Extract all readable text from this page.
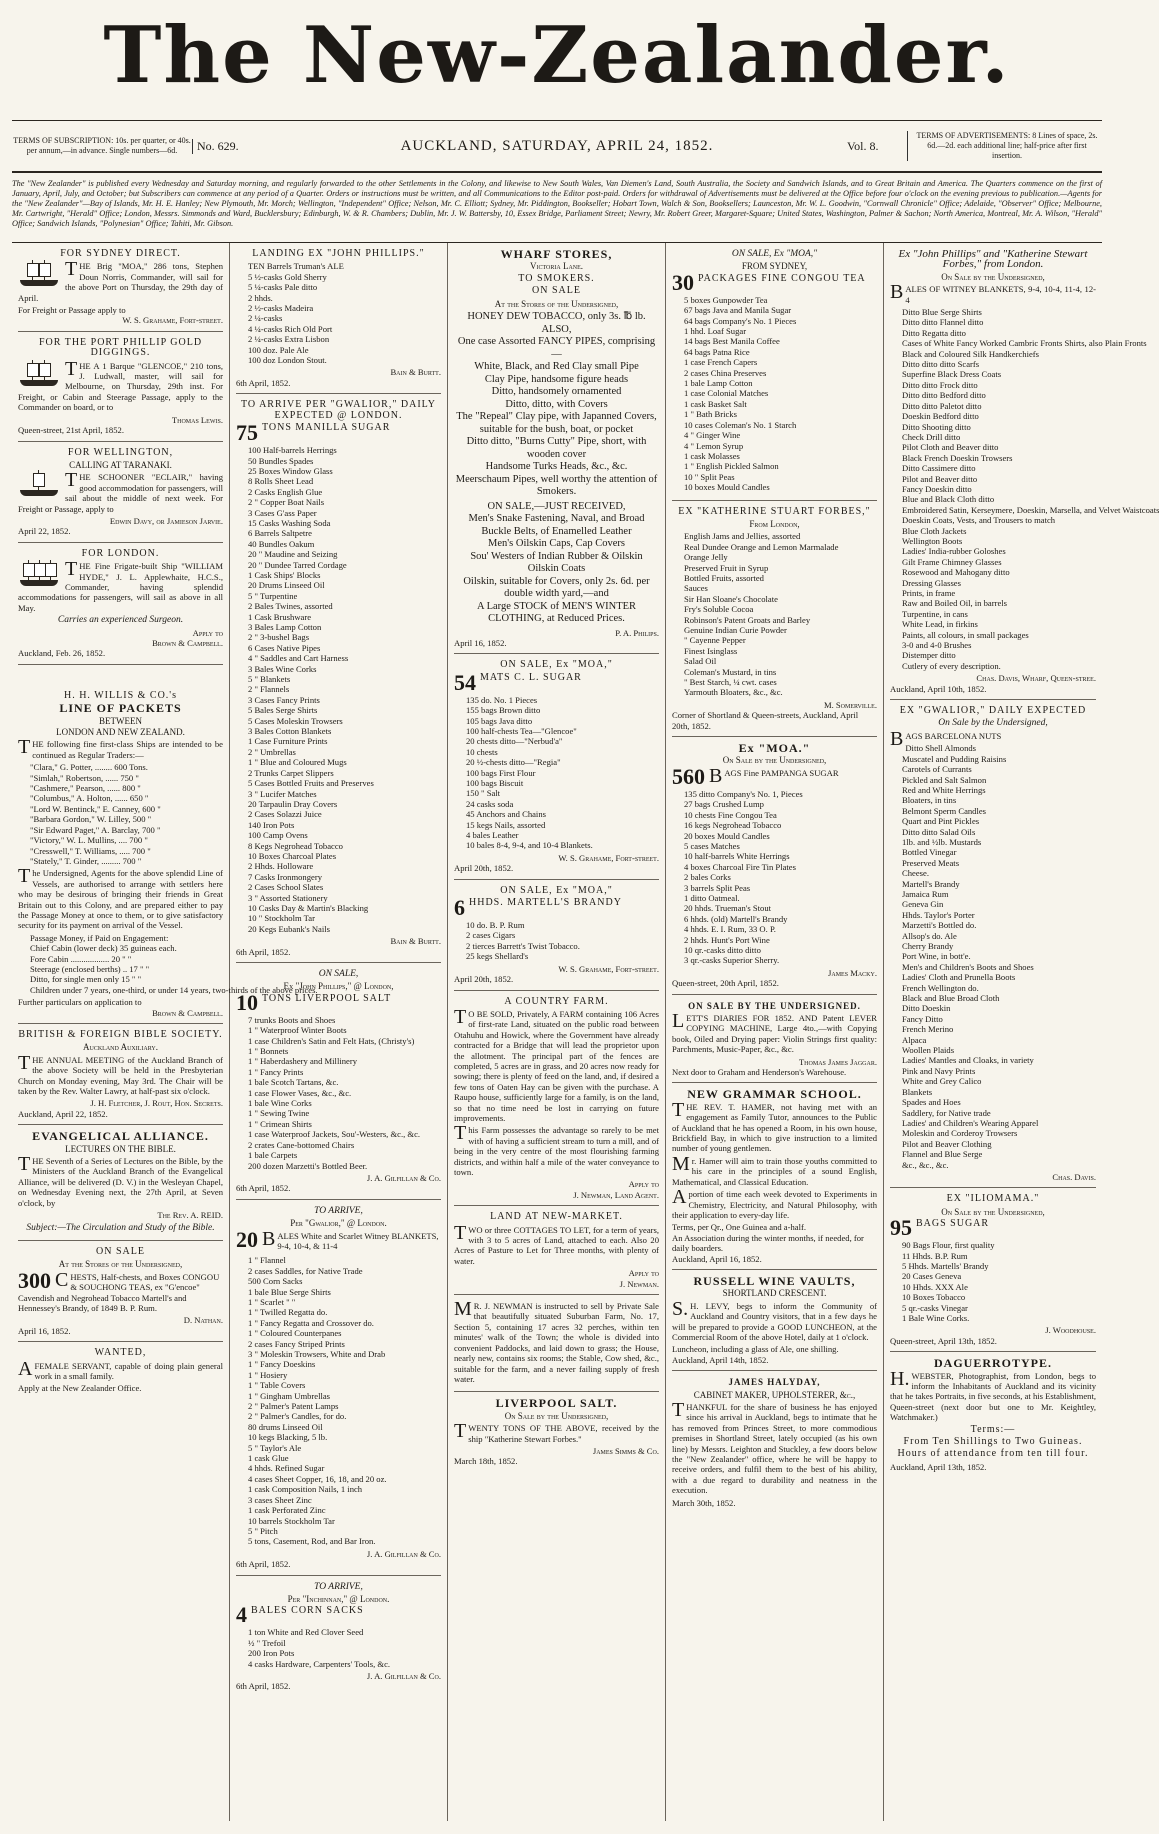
The New-Zealander.
TERMS OF SUBSCRIPTION: 10s. per quarter, or 40s. per annum,—in advance. Single numbers—6d.	No. 629.	AUCKLAND, SATURDAY, APRIL 24, 1852.	Vol. 8.
TERMS OF ADVERTISEMENTS: 8 Lines of space, 2s. 6d.—2d. each additional line; half-price after first insertion.
The "New Zealander" is published every Wednesday and Saturday morning, and regularly forwarded to the other Settlements in the Colony, and likewise to New South Wales, Van Diemen's Land, South Australia, the Society and Sandwich Islands, and to Great Britain and America. The Quarters commence on the first of January, April, July, and October; but Subscribers can commence at any period of a Quarter. Orders or instructions must be written, and all Communications to the Editor post-paid. Orders for withdrawal of Advertisements must be delivered at the Office before four o'clock on the evening previous to publication.—Agents for the "New Zealander"—Bay of Islands, Mr. H. E. Hanley; New Plymouth, Mr. Morch; Wellington, "Independent" Office; Nelson, Mr. C. Elliott; Sydney, Mr. Piddington, Bookseller; Hobart Town, Walch & Son, Booksellers; Launceston, Mr. W. L. Goodwin, "Cornwall Chronicle" Office; Adelaide, "Observer" Office; Melbourne, Mr. Cartwright, "Herald" Office; London, Messrs. Simmonds and Ward, Bucklersbury; Edinburgh, W. & R. Chambers; Dublin, Mr. J. W. Battersby, 10, Essex Bridge, Parliament Street; Newry, Mr. Robert Greer, Margaret-Square; United States, Washington, Palmer & Sachon; North America, Montreal, Mr. A. Wilson, "Herald" Office; Sandwich Islands, "Polynesian" Office; Tahiti, Mr. Gibson.
FOR SYDNEY DIRECT.
THE Brig "MOA," 286 tons, Stephen Doun Norris, Commander, will sail for the above Port on Thursday, the 29th day of April.
For Freight or Passage apply to
W. S. Grahame, Fort-street.
FOR THE PORT PHILLIP GOLD DIGGINGS.
THE A 1 Barque "GLENCOE," 210 tons, J. Ludwall, master, will sail for Melbourne, on Thursday, 29th inst. For Freight, or Cabin and Steerage Passage, apply to the Commander on board, or to
Thomas Lewis.
Queen-street, 21st April, 1852.
FOR WELLINGTON,
CALLING AT TARANAKI.
THE SCHOONER "ECLAIR," having good accommodation for passengers, will sail about the middle of next week. For Freight or Passage, apply to
Edwin Davy, or Jamieson Jarvie.
April 22, 1852.
FOR LONDON.
THE Fine Frigate-built Ship "WILLIAM HYDE," J. L. Applewhaite, H.C.S., Commander, having splendid accommodations for passengers, will sail as above in all May.
Carries an experienced Surgeon.
Apply to
Brown & Campbell.
Auckland, Feb. 26, 1852.
H. H. WILLIS & CO.'s
LINE OF PACKETS
BETWEEN
LONDON AND NEW ZEALAND.
THE following fine first-class Ships are intended to be continued as Regular Traders:—
"Clara," G. Potter, ........ 600 Tons.
"Simlah," Robertson, ...... 750 "
"Cashmere," Pearson, ...... 800 "
"Columbus," A. Holton, ...... 650 "
"Lord W. Bentinck," E. Canney, 600 "
"Barbara Gordon," W. Lilley, 500 "
"Sir Edward Paget," A. Barclay, 700 "
"Victory," W. L. Mullins, .... 700 "
"Cresswell," T. Williams, ..... 700 "
"Stately," T. Ginder, ......... 700 "
The Undersigned, Agents for the above splendid Line of Vessels, are authorised to arrange with settlers here who may be desirous of bringing their friends in Great Britain out to this Colony, and are prepared either to pay the Passage Money at once to them, or to give satisfactory security for its payment on arrival of the Vessel.
Passage Money, if Paid on Engagement:
Chief Cabin (lower deck) 35 guineas each.
Fore Cabin .................. 20 " "
Steerage (enclosed berths) .. 17 " "
Ditto, for single men only 15 " "
Children under 7 years, one-third, or under 14 years, two-thirds of the above prices.
Further particulars on application to
Brown & Campbell.
BRITISH & FOREIGN BIBLE SOCIETY.
Auckland Auxiliary.
THE ANNUAL MEETING of the Auckland Branch of the above Society will be held in the Presbyterian Church on Monday evening, May 3rd. The Chair will be taken by the Rev. Walter Lawry, at half-past six o'clock.
J. H. Fletcher, J. Rout, Hon. Secrets.
Auckland, April 22, 1852.
EVANGELICAL ALLIANCE.
LECTURES ON THE BIBLE.
THE Seventh of a Series of Lectures on the Bible, by the Ministers of the Auckland Branch of the Evangelical Alliance, will be delivered (D. V.) in the Wesleyan Chapel, on Wednesday Evening next, the 27th April, at Seven o'clock, by
The Rev. A. REID.
Subject:—The Circulation and Study of the Bible.
ON SALE
At the Stores of the Undersigned,
300 CHESTS, Half-chests, and Boxes CONGOU & SOUCHONG TEAS, ex "G'encoe" Cavendish and Negrohead Tobacco Martell's and Hennessey's Brandy, of 1849 B. P. Rum.
D. Nathan.
April 16, 1852.
WANTED,
AFEMALE SERVANT, capable of doing plain general work in a small family.
Apply at the New Zealander Office.
LANDING EX "JOHN PHILLIPS."
TEN Barrels Truman's ALE
5 ½-casks Gold Sherry
5 ¼-casks Pale ditto
2 hhds.
2 ½-casks Madeira
2 ¼-casks
4 ¼-casks Rich Old Port
2 ¼-casks Extra Lisbon
100 doz. Pale Ale
100 doz London Stout.
Bain & Burtt.
6th April, 1852.
TO ARRIVE PER "GWALIOR," DAILY EXPECTED @ LONDON.
75 TONS MANILLA SUGAR
100 Half-barrels Herrings
50 Bundles Spades
25 Boxes Window Glass
8 Rolls Sheet Lead
2 Casks English Glue
2 " Copper Boat Nails
3 Cases G'ass Paper
15 Casks Washing Soda
6 Barrels Saltpetre
40 Bundles Oakum
20 " Maudine and Seizing
20 " Dundee Tarred Cordage
1 Cask Ships' Blocks
20 Drums Linseed Oil
5 " Turpentine
2 Bales Twines, assorted
1 Cask Brushware
3 Bales Lamp Cotton
2 " 3-bushel Bags
6 Cases Native Pipes
4 " Saddles and Cart Harness
3 Bales Wine Corks
5 " Blankets
2 " Flannels
3 Cases Fancy Prints
5 Bales Serge Shirts
5 Cases Moleskin Trowsers
3 Bales Cotton Blankets
1 Case Furniture Prints
2 " Umbrellas
1 " Blue and Coloured Mugs
2 Trunks Carpet Slippers
5 Cases Bottled Fruits and Preserves
3 " Lucifer Matches
20 Tarpaulin Dray Covers
2 Cases Solazzi Juice
140 Iron Pots
100 Camp Ovens
8 Kegs Negrohead Tobacco
10 Boxes Charcoal Plates
2 Hhds. Holloware
7 Casks Ironmongery
2 Cases School Slates
3 " Assorted Stationery
10 Casks Day & Martin's Blacking
10 " Stockholm Tar
20 Kegs Eubank's Nails
Bain & Burtt.
6th April, 1852.
ON SALE,
Ex "John Phillips," @ London,
10 TONS LIVERPOOL SALT
7 trunks Boots and Shoes
1 " Waterproof Winter Boots
1 case Children's Satin and Felt Hats, (Christy's)
1 " Bonnets
1 " Haberdashery and Millinery
1 " Fancy Prints
1 bale Scotch Tartans, &c.
1 case Flower Vases, &c., &c.
1 bale Wine Corks
1 " Sewing Twine
1 " Crimean Shirts
1 case Waterproof Jackets, Sou'-Westers, &c., &c.
2 crates Cane-bottomed Chairs
1 bale Carpets
200 dozen Marzetti's Bottled Beer.
J. A. Gilfillan & Co.
6th April, 1852.
TO ARRIVE,
Per "Gwalior," @ London.
20 BALES White and Scarlet Witney BLANKETS, 9-4, 10-4, & 11-4
1 " Flannel
2 cases Saddles, for Native Trade
500 Corn Sacks
1 bale Blue Serge Shirts
1 " Scarlet " "
1 " Twilled Regatta do.
1 " Fancy Regatta and Crossover do.
1 " Coloured Counterpanes
2 cases Fancy Striped Prints
3 " Moleskin Trowsers, White and Drab
1 " Fancy Doeskins
1 " Hosiery
1 " Table Covers
1 " Gingham Umbrellas
2 " Palmer's Patent Lamps
2 " Palmer's Candles, for do.
80 drums Linseed Oil
10 kegs Blacking, 5 lb.
5 " Taylor's Ale
1 cask Glue
4 hhds. Refined Sugar
4 cases Sheet Copper, 16, 18, and 20 oz.
1 cask Composition Nails, 1 inch
3 cases Sheet Zinc
1 cask Perforated Zinc
10 barrels Stockholm Tar
5 " Pitch
5 tons, Casement, Rod, and Bar Iron.
J. A. Gilfillan & Co.
6th April, 1852.
TO ARRIVE,
Per "Inchinnan," @ London.
4 BALES CORN SACKS
1 ton White and Red Clover Seed
½ " Trefoil
200 Iron Pots
4 casks Hardware, Carpenters' Tools, &c.
J. A. Gilfillan & Co.
6th April, 1852.
WHARF STORES,
Victoria Lane.
TO SMOKERS.
ON SALE
At the Stores of the Undersigned,
HONEY DEW TOBACCO, only 3s. ℔ lb.
ALSO,
One case Assorted FANCY PIPES, comprising—
White, Black, and Red Clay small Pipe
Clay Pipe, handsome figure heads
Ditto, handsomely ornamented
Ditto, ditto, with Covers
The "Repeal" Clay pipe, with Japanned Covers, suitable for the bush, boat, or pocket
Ditto ditto, "Burns Cutty" Pipe, short, with wooden cover
Handsome Turks Heads, &c., &c.
Meerschaum Pipes, well worthy the attention of Smokers.
ON SALE,—JUST RECEIVED,
Men's Snake Fastening, Naval, and Broad Buckle Belts, of Enamelled Leather
Men's Oilskin Caps, Cap Covers
Sou' Westers of Indian Rubber & Oilskin
Oilskin Coats
Oilskin, suitable for Covers, only 2s. 6d. per double width yard,—and
A Large STOCK of MEN'S WINTER CLOTHING, at Reduced Prices.
P. A. Philips.
April 16, 1852.
ON SALE, Ex "MOA,"
54 MATS C. L. SUGAR
135 do. No. 1 Pieces
155 bags Brown ditto
105 bags Java ditto
100 half-chests Tea—"Glencoe"
20 chests ditto—"Nerbud'a"
10 chests
20 ½-chests ditto—"Regia"
100 bags First Flour
100 bags Biscuit
150 " Salt
24 casks soda
45 Anchors and Chains
15 kegs Nails, assorted
4 bales Leather
10 bales 8-4, 9-4, and 10-4 Blankets.
W. S. Grahame, Fort-street.
April 20th, 1852.
ON SALE, Ex "MOA,"
6 HHDS. MARTELL'S BRANDY
10 do. B. P. Rum
2 cases Cigars
2 tierces Barrett's Twist Tobacco.
25 kegs Shellard's
W. S. Grahame, Fort-street.
April 20th, 1852.
A COUNTRY FARM.
TO BE SOLD, Privately, A FARM containing 106 Acres of first-rate Land, situated on the public road between Otahuhu and Howick, where the Government have already contracted for a Bridge that will lead the proprietor upon the allotment. The principal part of the fences are completed, 5 acres are in grass, and 20 acres now ready for sowing; there is plenty of feed on the land, and, if desired a few tons of Oaten Hay can be given with the purchase. A Raupo house, sufficiently large for a family, is on the land, so that no time need be lost in carrying on future improvements.
This Farm possesses the advantage so rarely to be met with of having a sufficient stream to turn a mill, and of being in the very centre of the most flourishing farming districts, and within half a mile of the water conveyance to town.
Apply to
J. Newman, Land Agent.
LAND AT NEW-MARKET.
TWO or three COTTAGES TO LET, for a term of years, with 3 to 5 acres of Land, attached to each. Also 20 Acres of Pasture to Let for Three months, with plenty of water.
Apply to
J. Newman.
MR. J. NEWMAN is instructed to sell by Private Sale that beautifully situated Suburban Farm, No. 17, Section 5, containing 17 acres 32 perches, within ten minutes' walk of the Town; the whole is divided into convenient Paddocks, and laid down to grass; the House, nearly new, contains six rooms; the Stable, Cow shed, &c., suitable for the farm, and a never failing supply of fresh water.
LIVERPOOL SALT.
On Sale by the Undersigned,
TWENTY TONS OF THE ABOVE, received by the ship "Katherine Stewart Forbes."
James Simms & Co.
March 18th, 1852.
ON SALE, Ex "MOA,"
FROM SYDNEY,
30 PACKAGES FINE CONGOU TEA
5 boxes Gunpowder Tea
67 bags Java and Manila Sugar
64 bags Company's No. 1 Pieces
1 hhd. Loaf Sugar
14 bags Best Manila Coffee
64 bags Patna Rice
1 case French Capers
2 cases China Preserves
1 bale Lamp Cotton
1 case Colonial Matches
1 cask Basket Salt
1 " Bath Bricks
10 cases Coleman's No. 1 Starch
4 " Ginger Wine
4 " Lemon Syrup
1 cask Molasses
1 " English Pickled Salmon
10 " Split Peas
10 boxes Mould Candles
EX "KATHERINE STUART FORBES,"
From London,
English Jams and Jellies, assorted
Real Dundee Orange and Lemon Marmalade
Orange Jelly
Preserved Fruit in Syrup
Bottled Fruits, assorted
Sauces
Sir Han Sloane's Chocolate
Fry's Soluble Cocoa
Robinson's Patent Groats and Barley
Genuine Indian Curie Powder
" Cayenne Pepper
Finest Isinglass
Salad Oil
Coleman's Mustard, in tins
" Best Starch, ¼ cwt. cases
Yarmouth Bloaters, &c., &c.
M. Somerville.
Corner of Shortland & Queen-streets, Auckland, April 20th, 1852.
Ex "MOA."
On Sale by the Undersigned,
560 BAGS Fine PAMPANGA SUGAR
135 ditto Company's No. 1, Pieces
27 bags Crushed Lump
10 chests Fine Congou Tea
16 kegs Negrohead Tobacco
20 boxes Mould Candles
5 cases Matches
10 half-barrels White Herrings
4 boxes Charcoal Fire Tin Plates
2 bales Corks
3 barrels Split Peas
1 ditto Oatmeal.
20 hhds. Trueman's Stout
6 hhds. (old) Martell's Brandy
4 hhds. E. I. Rum, 33 O. P.
2 hhds. Hunt's Port Wine
10 qr.-casks ditto ditto
3 qr.-casks Superior Sherry.
James Macky.
Queen-street, 20th April, 1852.
ON SALE BY THE UNDERSIGNED.
LETT'S DIARIES FOR 1852. AND Patent LEVER COPYING MACHINE, Large 4to.,—with Copying book, Oiled and Drying paper: Violin Strings first quality: Parchments, Music-Paper, &c., &c.
Thomas James Jaggar.
Next door to Graham and Henderson's Warehouse.
NEW GRAMMAR SCHOOL.
THE REV. T. HAMER, not having met with an engagement as Family Tutor, announces to the Public of Auckland that he has opened a Room, in his own house, Brickfield Bay, in which to give instruction to a limited number of young gentlemen.
Mr. Hamer will aim to train those youths committed to his care in the principles of a sound English, Mathematical, and Classical Education.
Aportion of time each week devoted to Experiments in Chemistry, Electricity, and Natural Philosophy, with their application to every-day life.
Terms, per Qr., One Guinea and a-half.
An Association during the winter months, if needed, for daily boarders.
Auckland, April 16, 1852.
RUSSELL WINE VAULTS,
SHORTLAND CRESCENT.
S.H. LEVY, begs to inform the Community of Auckland and Country visitors, that in a few days he will be prepared to provide a GOOD LUNCHEON, at the Commercial Room of the above Hotel, daily at 1 o'clock.
Luncheon, including a glass of Ale, one shilling.
Auckland, April 14th, 1852.
JAMES HALYDAY,
CABINET MAKER, UPHOLSTERER, &c.,
THANKFUL for the share of business he has enjoyed since his arrival in Auckland, begs to intimate that he has removed from Princes Street, to more commodious premises in Shortland Street, lately occupied (as his own line) by Messrs. Leighton and Stuckley, a few doors below the "New Zealander" office, where he will be happy to receive orders, and fulfil them to the best of his ability, with a due regard to durability and neatness in the execution.
March 30th, 1852.
Ex "John Phillips" and "Katherine Stewart Forbes," from London.
On Sale by the Undersigned,
BALES OF WITNEY BLANKETS, 9-4, 10-4, 11-4, 12-4
Ditto Blue Serge Shirts
Ditto ditto Flannel ditto
Ditto Regatta ditto
Cases of White Fancy Worked Cambric Fronts Shirts, also Plain Fronts
Black and Coloured Silk Handkerchiefs
Ditto ditto ditto Scarfs
Superfine Black Dress Coats
Ditto ditto Frock ditto
Ditto ditto Bedford ditto
Ditto ditto Paletot ditto
Doeskin Bedford ditto
Ditto Shooting ditto
Check Drill ditto
Pilot Cloth and Beaver ditto
Black French Doeskin Trowsers
Ditto Cassimere ditto
Pilot and Beaver ditto
Fancy Doeskin ditto
Blue and Black Cloth ditto
Embroidered Satin, Kerseymere, Doeskin, Marsella, and Velvet Waistcoats
Doeskin Coats, Vests, and Trousers to match
Blue Cloth Jackets
Wellington Boots
Ladies' India-rubber Goloshes
Gilt Frame Chimney Glasses
Rosewood and Mahogany ditto
Dressing Glasses
Prints, in frame
Raw and Boiled Oil, in barrels
Turpentine, in cans
White Lead, in firkins
Paints, all colours, in small packages
3-0 and 4-0 Brushes
Distemper ditto
Cutlery of every description.
Chas. Davis, Wharf, Queen-stree.
Auckland, April 10th, 1852.
EX "GWALIOR," DAILY EXPECTED
On Sale by the Undersigned,
BAGS BARCELONA NUTS
Ditto Shell Almonds
Muscatel and Pudding Raisins
Carotels of Currants
Pickled and Salt Salmon
Red and White Herrings
Bloaters, in tins
Belmont Sperm Candles
Quart and Pint Pickles
Ditto ditto Salad Oils
1lb. and ½lb. Mustards
Bottled Vinegar
Preserved Meats
Cheese.
Martell's Brandy
Jamaica Rum
Geneva Gin
Hhds. Taylor's Porter
Marzetti's Bottled do.
Allsop's do. Ale
Cherry Brandy
Port Wine, in bott'e.
Men's and Children's Boots and Shoes
Ladies' Cloth and Prunella Boots
French Wellington do.
Black and Blue Broad Cloth
Ditto Doeskin
Fancy Ditto
French Merino
Alpaca
Woollen Plaids
Ladies' Mantles and Cloaks, in variety
Pink and Navy Prints
White and Grey Calico
Blankets
Spades and Hoes
Saddlery, for Native trade
Ladies' and Children's Wearing Apparel
Moleskin and Corderoy Trowsers
Pilot and Beaver Clothing
Flannel and Blue Serge
&c., &c., &c.
Chas. Davis.
EX "ILIOMAMA."
On Sale by the Undersigned,
95 BAGS SUGAR
90 Bags Flour, first quality
11 Hhds. B.P. Rum
5 Hhds. Martells' Brandy
20 Cases Geneva
10 Hhds. XXX Ale
10 Boxes Tobacco
5 qr.-casks Vinegar
1 Bale Wine Corks.
J. Woodhouse.
Queen-street, April 13th, 1852.
DAGUERROTYPE.
H.WEBSTER, Photographist, from London, begs to inform the Inhabitants of Auckland and its vicinity that he takes Portraits, in five seconds, at his Establishment, Queen-street (next door but one to Mr. Keightley, Watchmaker.)
Terms:—
From Ten Shillings to Two Guineas.
Hours of attendance from ten till four.
Auckland, April 13th, 1852.
